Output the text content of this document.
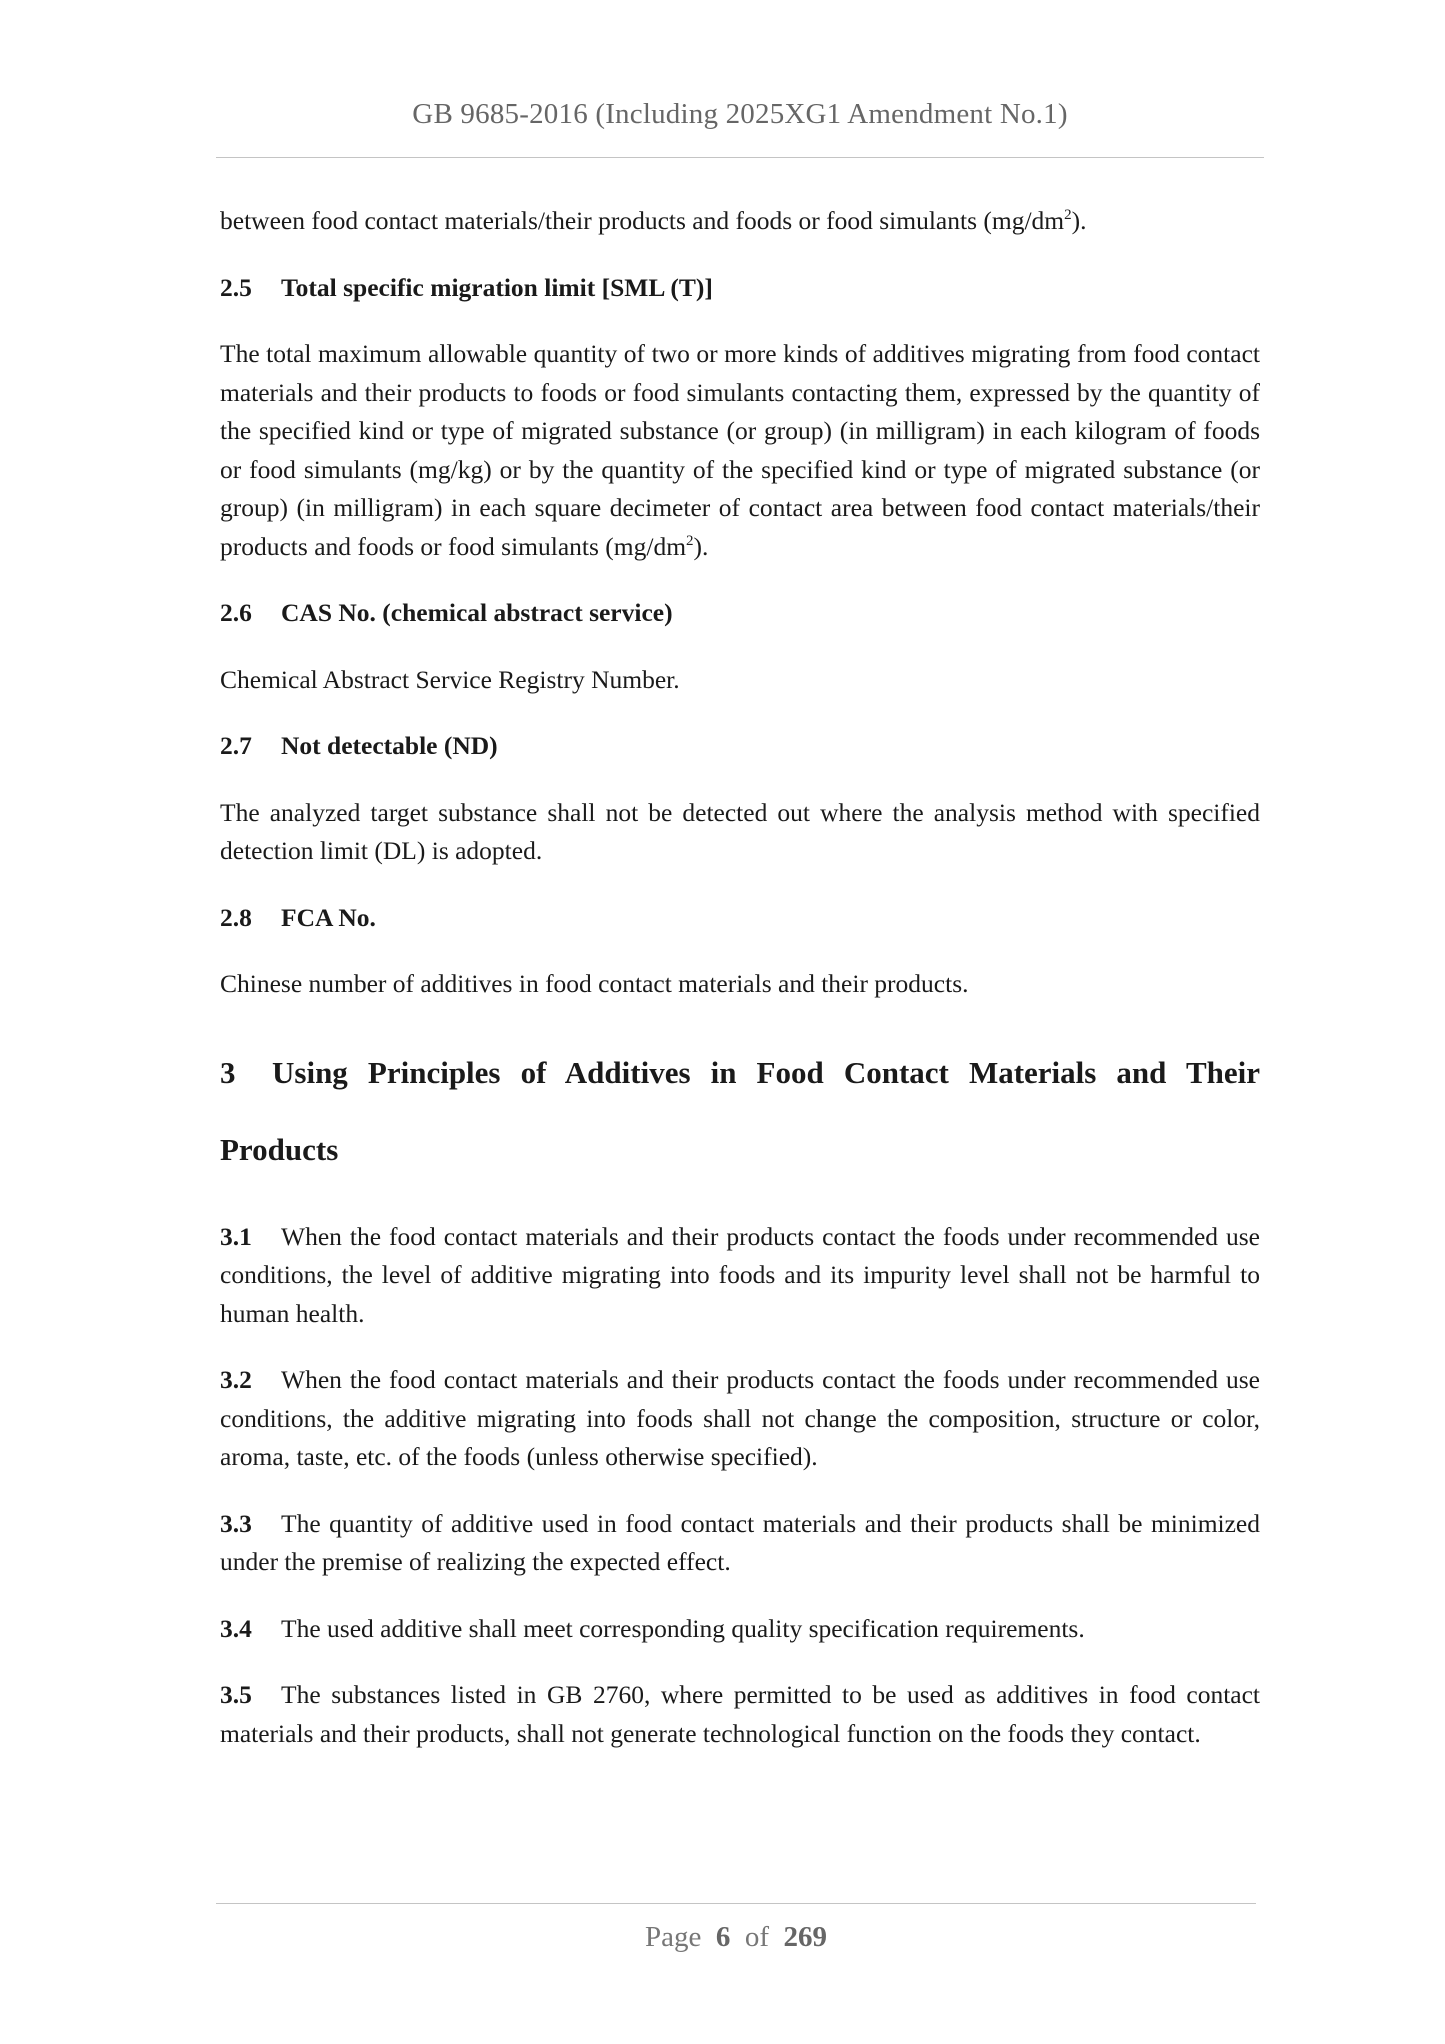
GB 9685-2016 (Including 2025XG1 Amendment No.1)

between food contact materials/their products and foods or food simulants $(mg/dm^2)$.

2.5 Total specific migration limit [SML (T)]

The total maximum allowable quantity of two or more kinds of additives migrating from food contact materials and their products to foods or food simulants contacting them, expressed by the quantity of the specified kind or type of migrated substance (or group) (in milligram) in each kilogram of foods or food simulants (mg/kg) or by the quantity of the specified kind or type of migrated substance (or group) (in milligram) in each square decimeter of contact area between food contact materials/their products and foods or food simulants $(mg/dm^2)$.

2.6 CAS No. (chemical abstract service)

Chemical Abstract Service Registry Number.

2.7 Not detectable (ND)

The analyzed target substance shall not be detected out where the analysis method with specified detection limit (DL) is adopted.

2.8 FCA No.

Chinese number of additives in food contact materials and their products.

3 Using Principles of Additives in Food Contact Materials and Their Products

3.1 When the food contact materials and their products contact the foods under recommended use conditions, the level of additive migrating into foods and its impurity level shall not be harmful to human health.

3.2 When the food contact materials and their products contact the foods under recommended use conditions, the additive migrating into foods shall not change the composition, structure or color, aroma, taste, etc. of the foods (unless otherwise specified).

3.3 The quantity of additive used in food contact materials and their products shall be minimized under the premise of realizing the expected effect.

3.4 The used additive shall meet corresponding quality specification requirements.

3.5 The substances listed in GB 2760, where permitted to be used as additives in food contact materials and their products, shall not generate technological function on the foods they contact.

Page 6 of 269
